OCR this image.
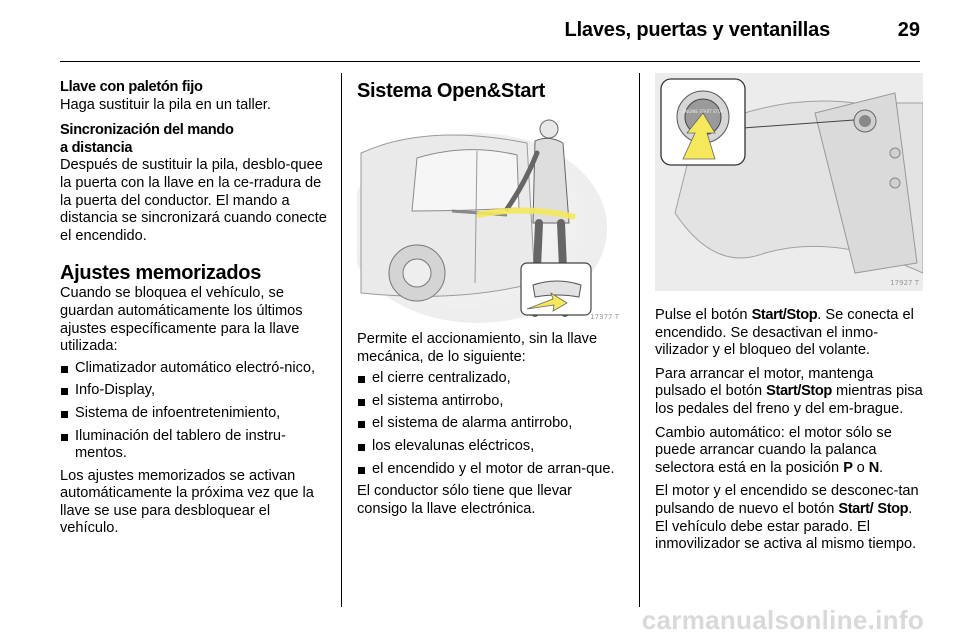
Llaves, puertas y ventanillas	29

Llave con paletón fijo

Haga sustituir la pila en un taller.

Sincronización del mando

a distancia

Después de sustituir la pila, desblo-quee la puerta con la llave en la ce-rradura de la puerta del conductor. El mando a distancia se sincronizará cuando conecte el encendido.

Ajustes memorizados

Cuando se bloquea el vehículo, se guardan automáticamente los últimos ajustes específicamente para la llave utilizada:

Climatizador automático electró-nico,
Info-Display,
Sistema de infoentretenimiento,
Iluminación del tablero de instru-mentos.

Los ajustes memorizados se activan automáticamente la próxima vez que la llave se use para desbloquear el vehículo.

Sistema Open&Start

17377 T

Permite el accionamiento, sin la llave mecánica, de lo siguiente:

el cierre centralizado,
el sistema antirrobo,
el sistema de alarma antirrobo,
los elevalunas eléctricos,
el encendido y el motor de arran-que.

El conductor sólo tiene que llevar consigo la llave electrónica.

ENGINE START STOP
17927 T

Pulse el botón Start/Stop. Se conecta el encendido. Se desactivan el inmo-vilizador y el bloqueo del volante.

Para arrancar el motor, mantenga pulsado el botón Start/Stop mientras pisa los pedales del freno y del em-brague.

Cambio automático: el motor sólo se puede arrancar cuando la palanca selectora está en la posición P o N.

El motor y el encendido se desconec-tan pulsando de nuevo el botón Start/ Stop. El vehículo debe estar parado. El inmovilizador se activa al mismo tiempo.

carmanualsonline.info
